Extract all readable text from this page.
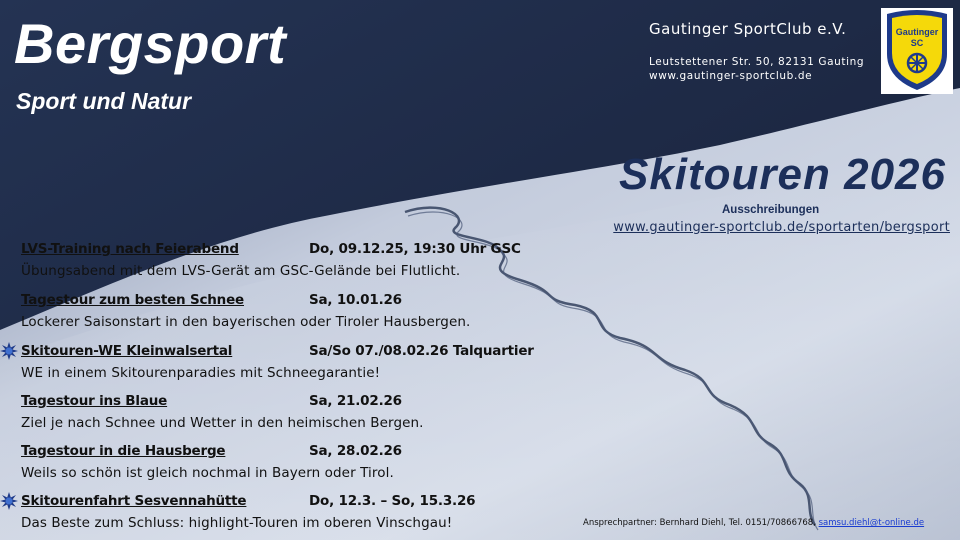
Bergsport
Sport und Natur
Gautinger SportClub e.V.
Leutstettener Str. 50, 82131 Gauting
www.gautinger-sportclub.de
Gautinger
SC
Skitouren 2026
Ausschreibungen
www.gautinger-sportclub.de/sportarten/bergsport
LVS-Training nach Feierabend	Do, 09.12.25, 19:30 Uhr GSC
Übungsabend mit dem LVS-Gerät am GSC-Gelände bei Flutlicht.
Tagestour zum besten Schnee	Sa, 10.01.26
Lockerer Saisonstart in den bayerischen oder Tiroler Hausbergen.
Skitouren-WE Kleinwalsertal	Sa/So 07./08.02.26 Talquartier
WE in einem Skitourenparadies mit Schneegarantie!
Tagestour ins Blaue	Sa, 21.02.26
Ziel je nach Schnee und Wetter in den heimischen Bergen.
Tagestour in die Hausberge	Sa, 28.02.26
Weils so schön ist gleich nochmal in Bayern oder Tirol.
Skitourenfahrt Sesvennahütte	Do, 12.3. – So, 15.3.26
Das Beste zum Schluss: highlight-Touren im oberen Vinschgau!	Ansprechpartner: Bernhard Diehl, Tel. 0151/70866768, samsu.diehl@t-online.de
